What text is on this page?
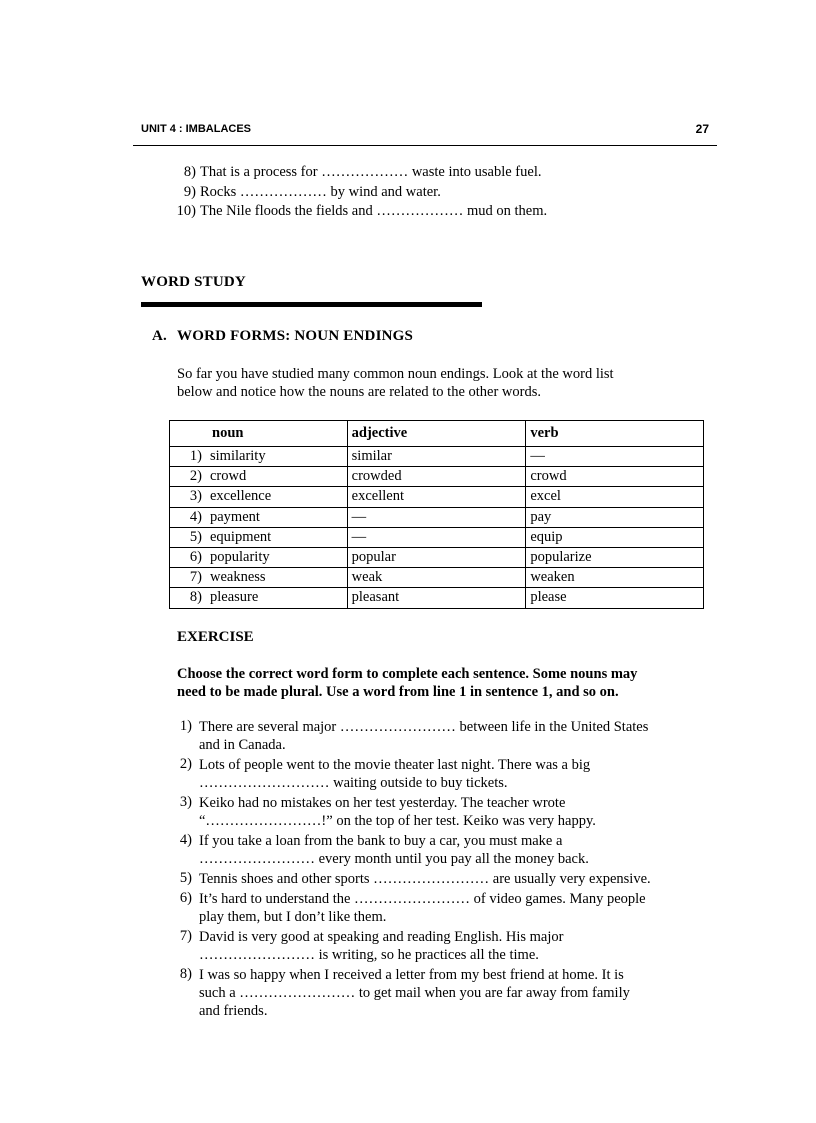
UNIT 4 : IMBALACES	27
8) That is a process for ……………… waste into usable fuel.
9) Rocks ……………… by wind and water.
10) The Nile floods the fields and ……………… mud on them.
WORD STUDY
A. WORD FORMS: NOUN ENDINGS
So far you have studied many common noun endings. Look at the word list
below and notice how the nouns are related to the other words.
noun	adjective	verb
1) similarity	similar	—
2) crowd	crowded	crowd
3) excellence	excellent	excel
4) payment	—	pay
5) equipment	—	equip
6) popularity	popular	popularize
7) weakness	weak	weaken
8) pleasure	pleasant	please
EXERCISE
Choose the correct word form to complete each sentence. Some nouns may
need to be made plural. Use a word from line 1 in sentence 1, and so on.
1) There are several major …………………… between life in the United States
and in Canada.
2) Lots of people went to the movie theater last night. There was a big
……………………… waiting outside to buy tickets.
3) Keiko had no mistakes on her test yesterday. The teacher wrote
“……………………!” on the top of her test. Keiko was very happy.
4) If you take a loan from the bank to buy a car, you must make a
…………………… every month until you pay all the money back.
5) Tennis shoes and other sports …………………… are usually very expensive.
6) It’s hard to understand the …………………… of video games. Many people
play them, but I don’t like them.
7) David is very good at speaking and reading English. His major
…………………… is writing, so he practices all the time.
8) I was so happy when I received a letter from my best friend at home. It is
such a …………………… to get mail when you are far away from family
and friends.
